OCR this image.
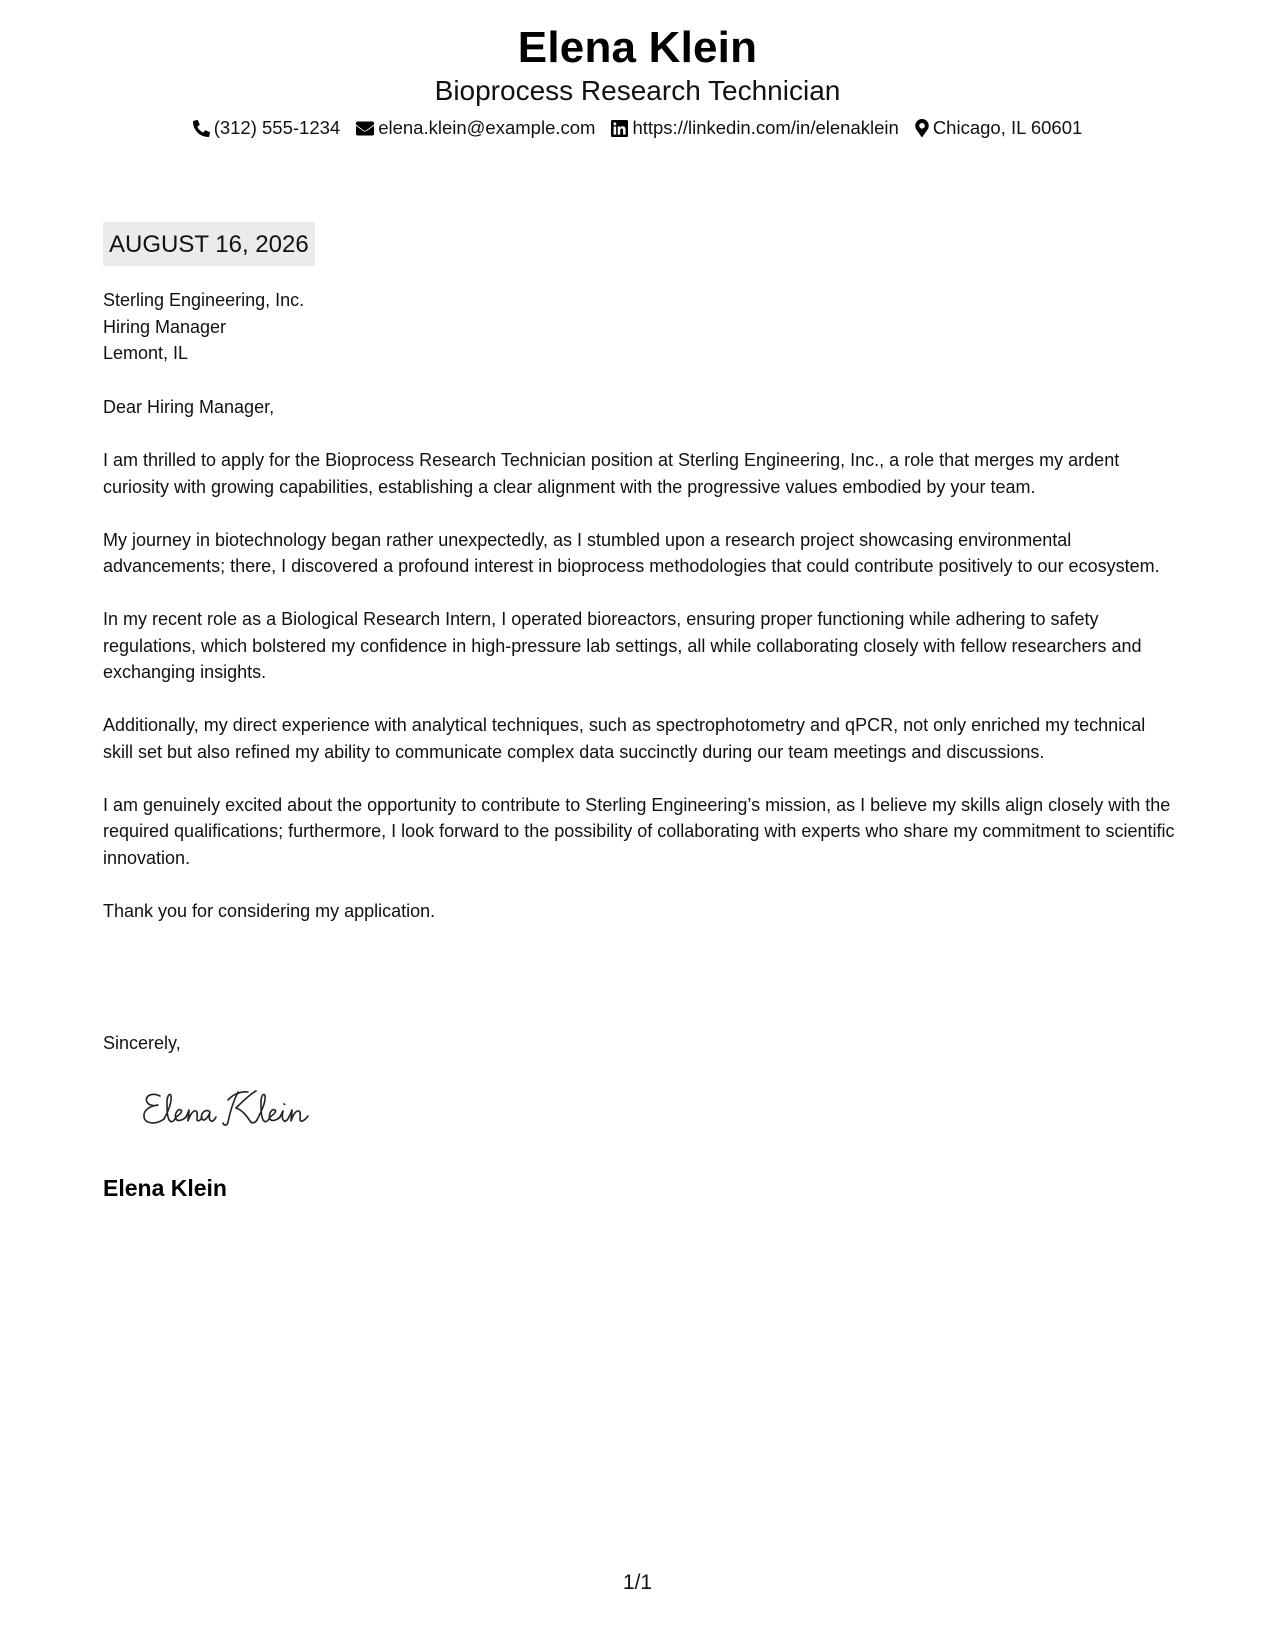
Elena Klein
Bioprocess Research Technician
(312) 555-1234 elena.klein@example.com https://linkedin.com/in/elenaklein Chicago, IL 60601
AUGUST 16, 2026
Sterling Engineering, Inc.
Hiring Manager
Lemont, IL

Dear Hiring Manager,

I am thrilled to apply for the Bioprocess Research Technician position at Sterling Engineering, Inc., a role that merges my ardent curiosity with growing capabilities, establishing a clear alignment with the progressive values embodied by your team.

My journey in biotechnology began rather unexpectedly, as I stumbled upon a research project showcasing environmental advancements; there, I discovered a profound interest in bioprocess methodologies that could contribute positively to our ecosystem.

In my recent role as a Biological Research Intern, I operated bioreactors, ensuring proper functioning while adhering to safety regulations, which bolstered my confidence in high-pressure lab settings, all while collaborating closely with fellow researchers and exchanging insights.

Additionally, my direct experience with analytical techniques, such as spectrophotometry and qPCR, not only enriched my technical skill set but also refined my ability to communicate complex data succinctly during our team meetings and discussions.

I am genuinely excited about the opportunity to contribute to Sterling Engineering’s mission, as I believe my skills align closely with the required qualifications; furthermore, I look forward to the possibility of collaborating with experts who share my commitment to scientific innovation.

Thank you for considering my application.

Sincerely,
Elena Klein
1/1
